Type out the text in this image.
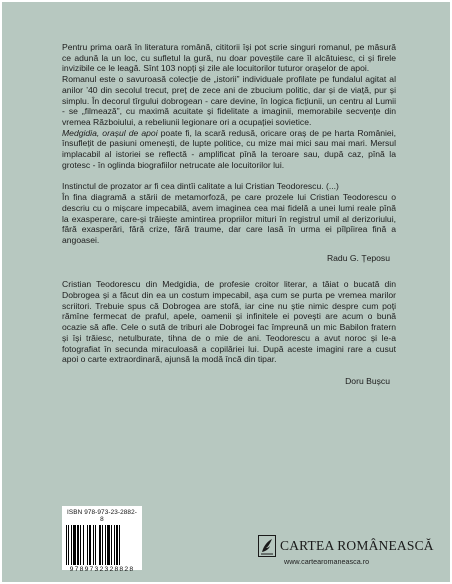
Pentru prima oară în literatura română, cititorii își pot scrie singuri romanul, pe măsură ce adună la un loc, cu sufletul la gură, nu doar poveștile care îl alcătuiesc, ci și firele invizibile ce le leagă. Sînt 103 nopți și zile ale locuitorilor tuturor orașelor de apoi.

Romanul este o savuroasă colecție de „istorii” individuale profilate pe fundalul agitat al anilor ’40 din secolul trecut, preț de zece ani de zbucium politic, dar și de viață, pur și simplu. În decorul tîrgului dobrogean - care devine, în logica ficțiunii, un centru al Lumii - se „filmează”, cu maximă acuitate și fidelitate a imaginii, memorabile secvențe din vremea Războiului, a rebeliunii legionare ori a ocupației sovietice.

Medgidia, orașul de apoi poate fi, la scară redusă, oricare oraș de pe harta României, însuflețit de pasiuni omenești, de lupte politice, cu mize mai mici sau mai mari. Mersul implacabil al istoriei se reflectă - amplificat pînă la teroare sau, după caz, pînă la grotesc - în oglinda biografiilor netrucate ale locuitorilor lui.

Instinctul de prozator ar fi cea dintîi calitate a lui Cristian Teodorescu. (...)

În fina diagramă a stării de metamorfoză, pe care prozele lui Cristian Teodorescu o descriu cu o mișcare impecabilă, avem imaginea cea mai fidelă a unei lumi reale pînă la exasperare, care-și trăiește amintirea propriilor mituri în registrul umil al derizoriului, fără exasperări, fără crize, fără traume, dar care lasă în urma ei pîlpîirea fină a angoasei.

Radu G. Țeposu

Cristian Teodorescu din Medgidia, de profesie croitor literar, a tăiat o bucată din Dobrogea și a făcut din ea un costum impecabil, așa cum se purta pe vremea marilor scriitori. Trebuie spus că Dobrogea are stofă, iar cine nu știe nimic despre cum poți rămîne fermecat de praful, apele, oamenii și infinitele ei povești are acum o bună ocazie să afle. Cele o sută de triburi ale Dobrogei fac împreună un mic Babilon fratern și își trăiesc, netulburate, tihna de o mie de ani. Teodorescu a avut noroc și le-a fotografiat în secunda miraculoasă a copilăriei lui. După aceste imagini rare a cusut apoi o carte extraordinară, ajunsă la modă încă din tipar.

Doru Bușcu

ISBN 978-973-23-2882-8
9789732328828
CARTEA ROMÂNEASCĂ
www.cartearomaneasca.ro
